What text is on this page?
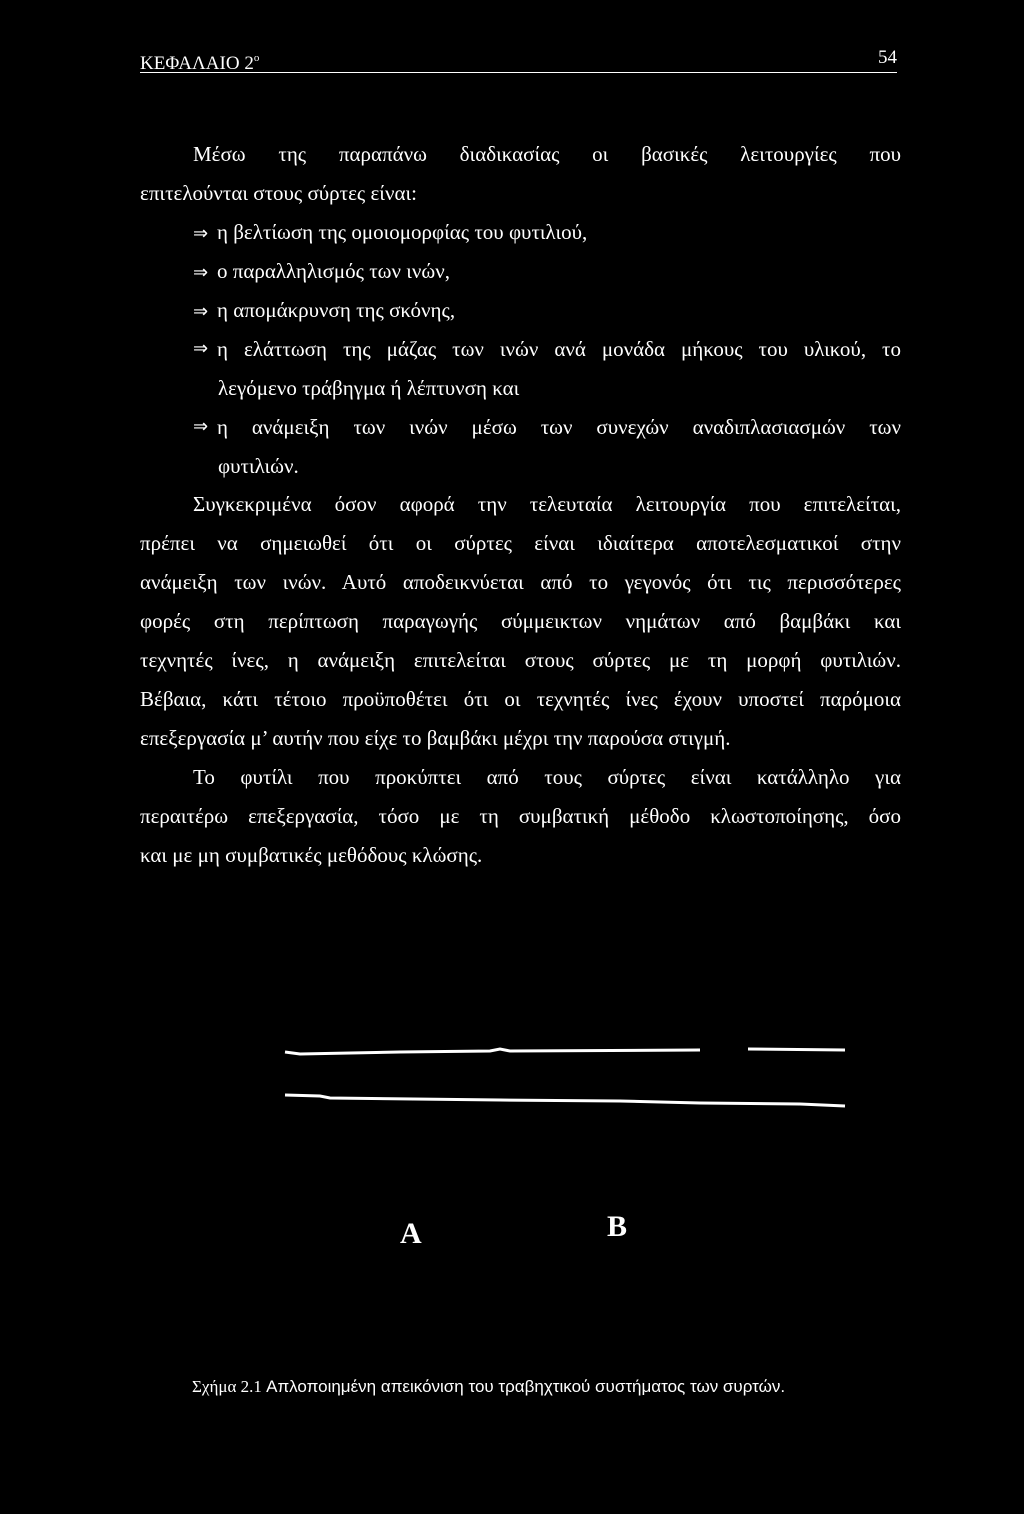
ΚΕΦΑΛΑΙΟ $2^o$	54
Μέσω της παραπάνω διαδικασίας οι βασικές λειτουργίες που
επιτελούνται στους σύρτες είναι:
⇒ η βελτίωση της ομοιομορφίας του φυτιλιού,
⇒ ο παραλληλισμός των ινών,
⇒ η απομάκρυνση της σκόνης,
⇒ η ελάττωση της μάζας των ινών ανά μονάδα μήκους του υλικού, το
λεγόμενο τράβηγμα ή λέπτυνση και
⇒ η ανάμειξη των ινών μέσω των συνεχών αναδιπλασιασμών των
φυτιλιών.
Συγκεκριμένα όσον αφορά την τελευταία λειτουργία που επιτελείται,
πρέπει να σημειωθεί ότι οι σύρτες είναι ιδιαίτερα αποτελεσματικοί στην
ανάμειξη των ινών. Αυτό αποδεικνύεται από το γεγονός ότι τις περισσότερες
φορές στη περίπτωση παραγωγής σύμμεικτων νημάτων από βαμβάκι και
τεχνητές ίνες, η ανάμειξη επιτελείται στους σύρτες με τη μορφή φυτιλιών.
Βέβαια, κάτι τέτοιο προϋποθέτει ότι οι τεχνητές ίνες έχουν υποστεί παρόμοια
επεξεργασία μ’ αυτήν που είχε το βαμβάκι μέχρι την παρούσα στιγμή.
Το φυτίλι που προκύπτει από τους σύρτες είναι κατάλληλο για
περαιτέρω επεξεργασία, τόσο με τη συμβατική μέθοδο κλωστοποίησης, όσο
και με μη συμβατικές μεθόδους κλώσης.
A	B
Σχήμα 2.1 Απλοποιημένη απεικόνιση του τραβηχτικού συστήματος των συρτών.
